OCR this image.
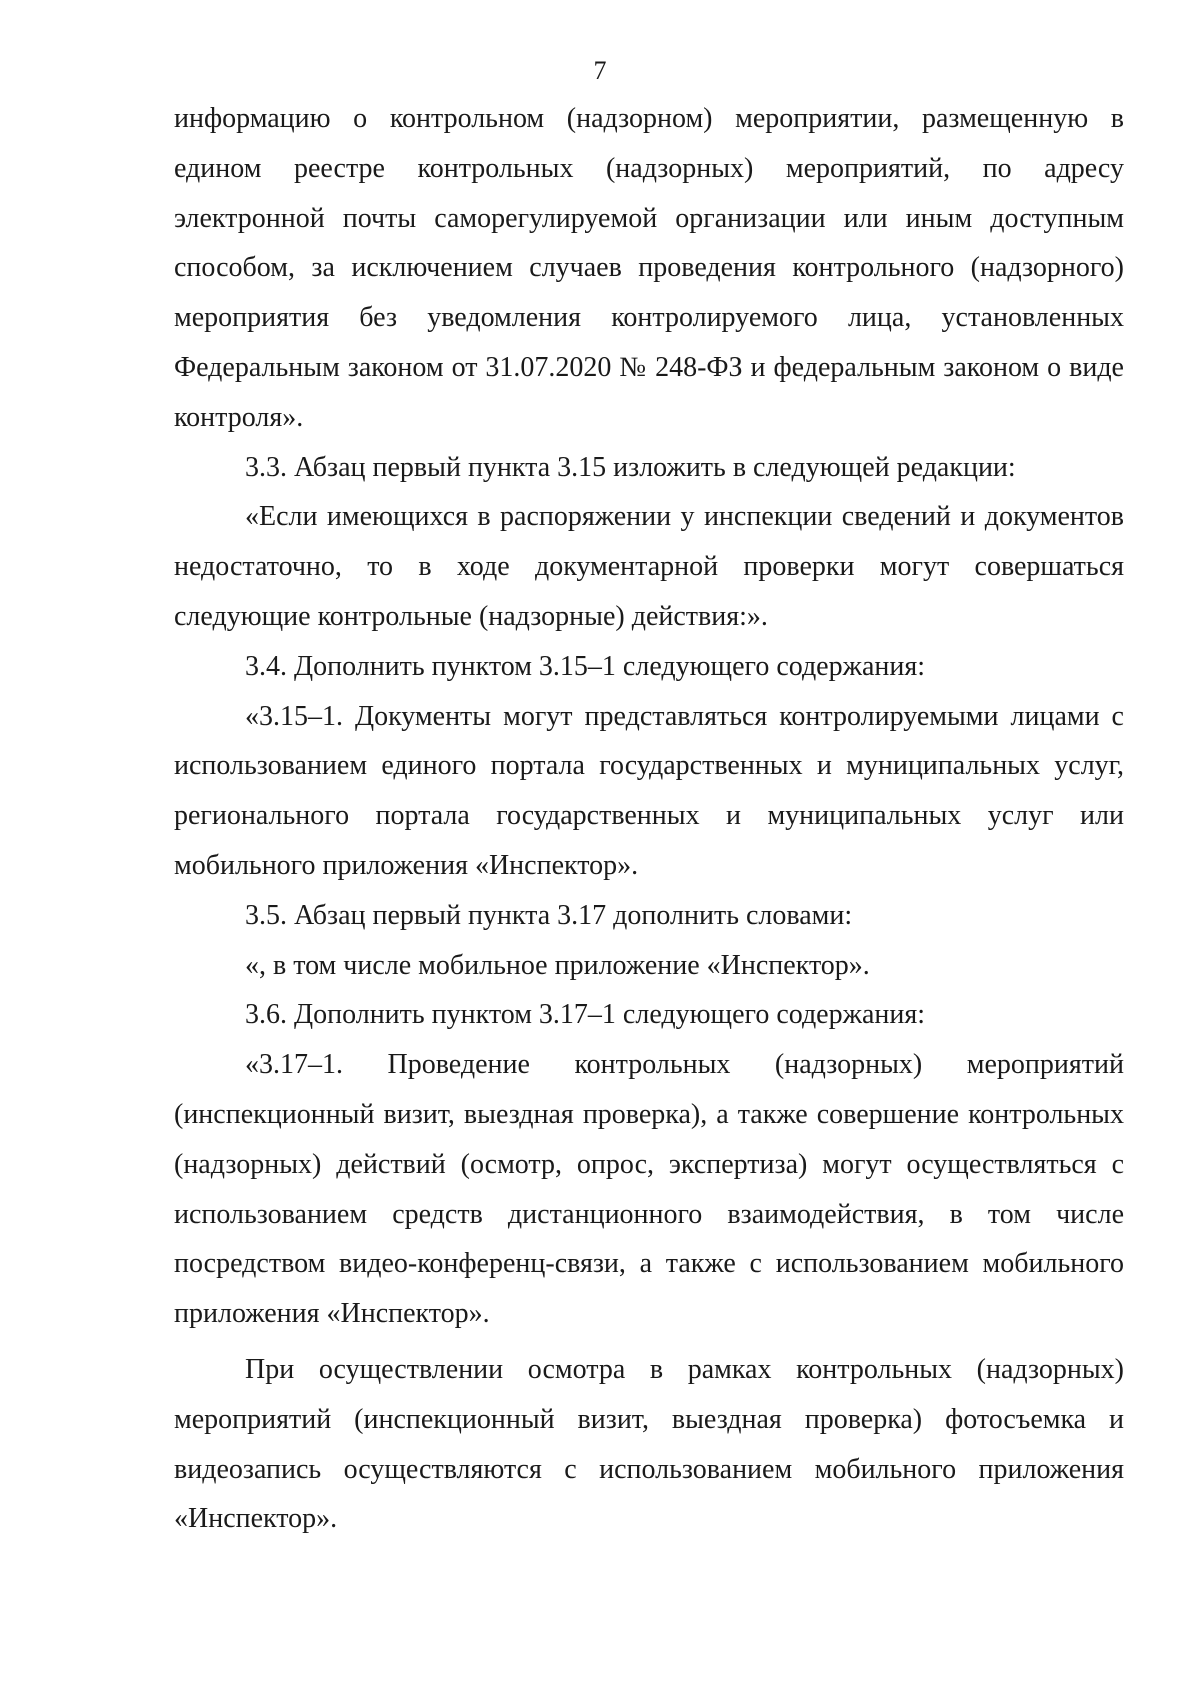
7

информацию о контрольном (надзорном) мероприятии, размещенную в едином реестре контрольных (надзорных) мероприятий, по адресу электронной почты саморегулируемой организации или иным доступным способом, за исключением случаев проведения контрольного (надзорного) мероприятия без уведомления контролируемого лица, установленных Федеральным законом от 31.07.2020 № 248-ФЗ и федеральным законом о виде контроля».

3.3. Абзац первый пункта 3.15 изложить в следующей редакции:

«Если имеющихся в распоряжении у инспекции сведений и документов недостаточно, то в ходе документарной проверки могут совершаться следующие контрольные (надзорные) действия:».

3.4. Дополнить пунктом 3.15–1 следующего содержания:

«3.15–1. Документы могут представляться контролируемыми лицами с использованием единого портала государственных и муниципальных услуг, регионального портала государственных и муниципальных услуг или мобильного приложения «Инспектор».

3.5. Абзац первый пункта 3.17 дополнить словами:

«, в том числе мобильное приложение «Инспектор».

3.6. Дополнить пунктом 3.17–1 следующего содержания:

«3.17–1. Проведение контрольных (надзорных) мероприятий (инспекционный визит, выездная проверка), а также совершение контрольных (надзорных) действий (осмотр, опрос, экспертиза) могут осуществляться с использованием средств дистанционного взаимодействия, в том числе посредством видео-конференц-связи, а также с использованием мобильного приложения «Инспектор».

При осуществлении осмотра в рамках контрольных (надзорных) мероприятий (инспекционный визит, выездная проверка) фотосъемка и видеозапись осуществляются с использованием мобильного приложения «Инспектор».
